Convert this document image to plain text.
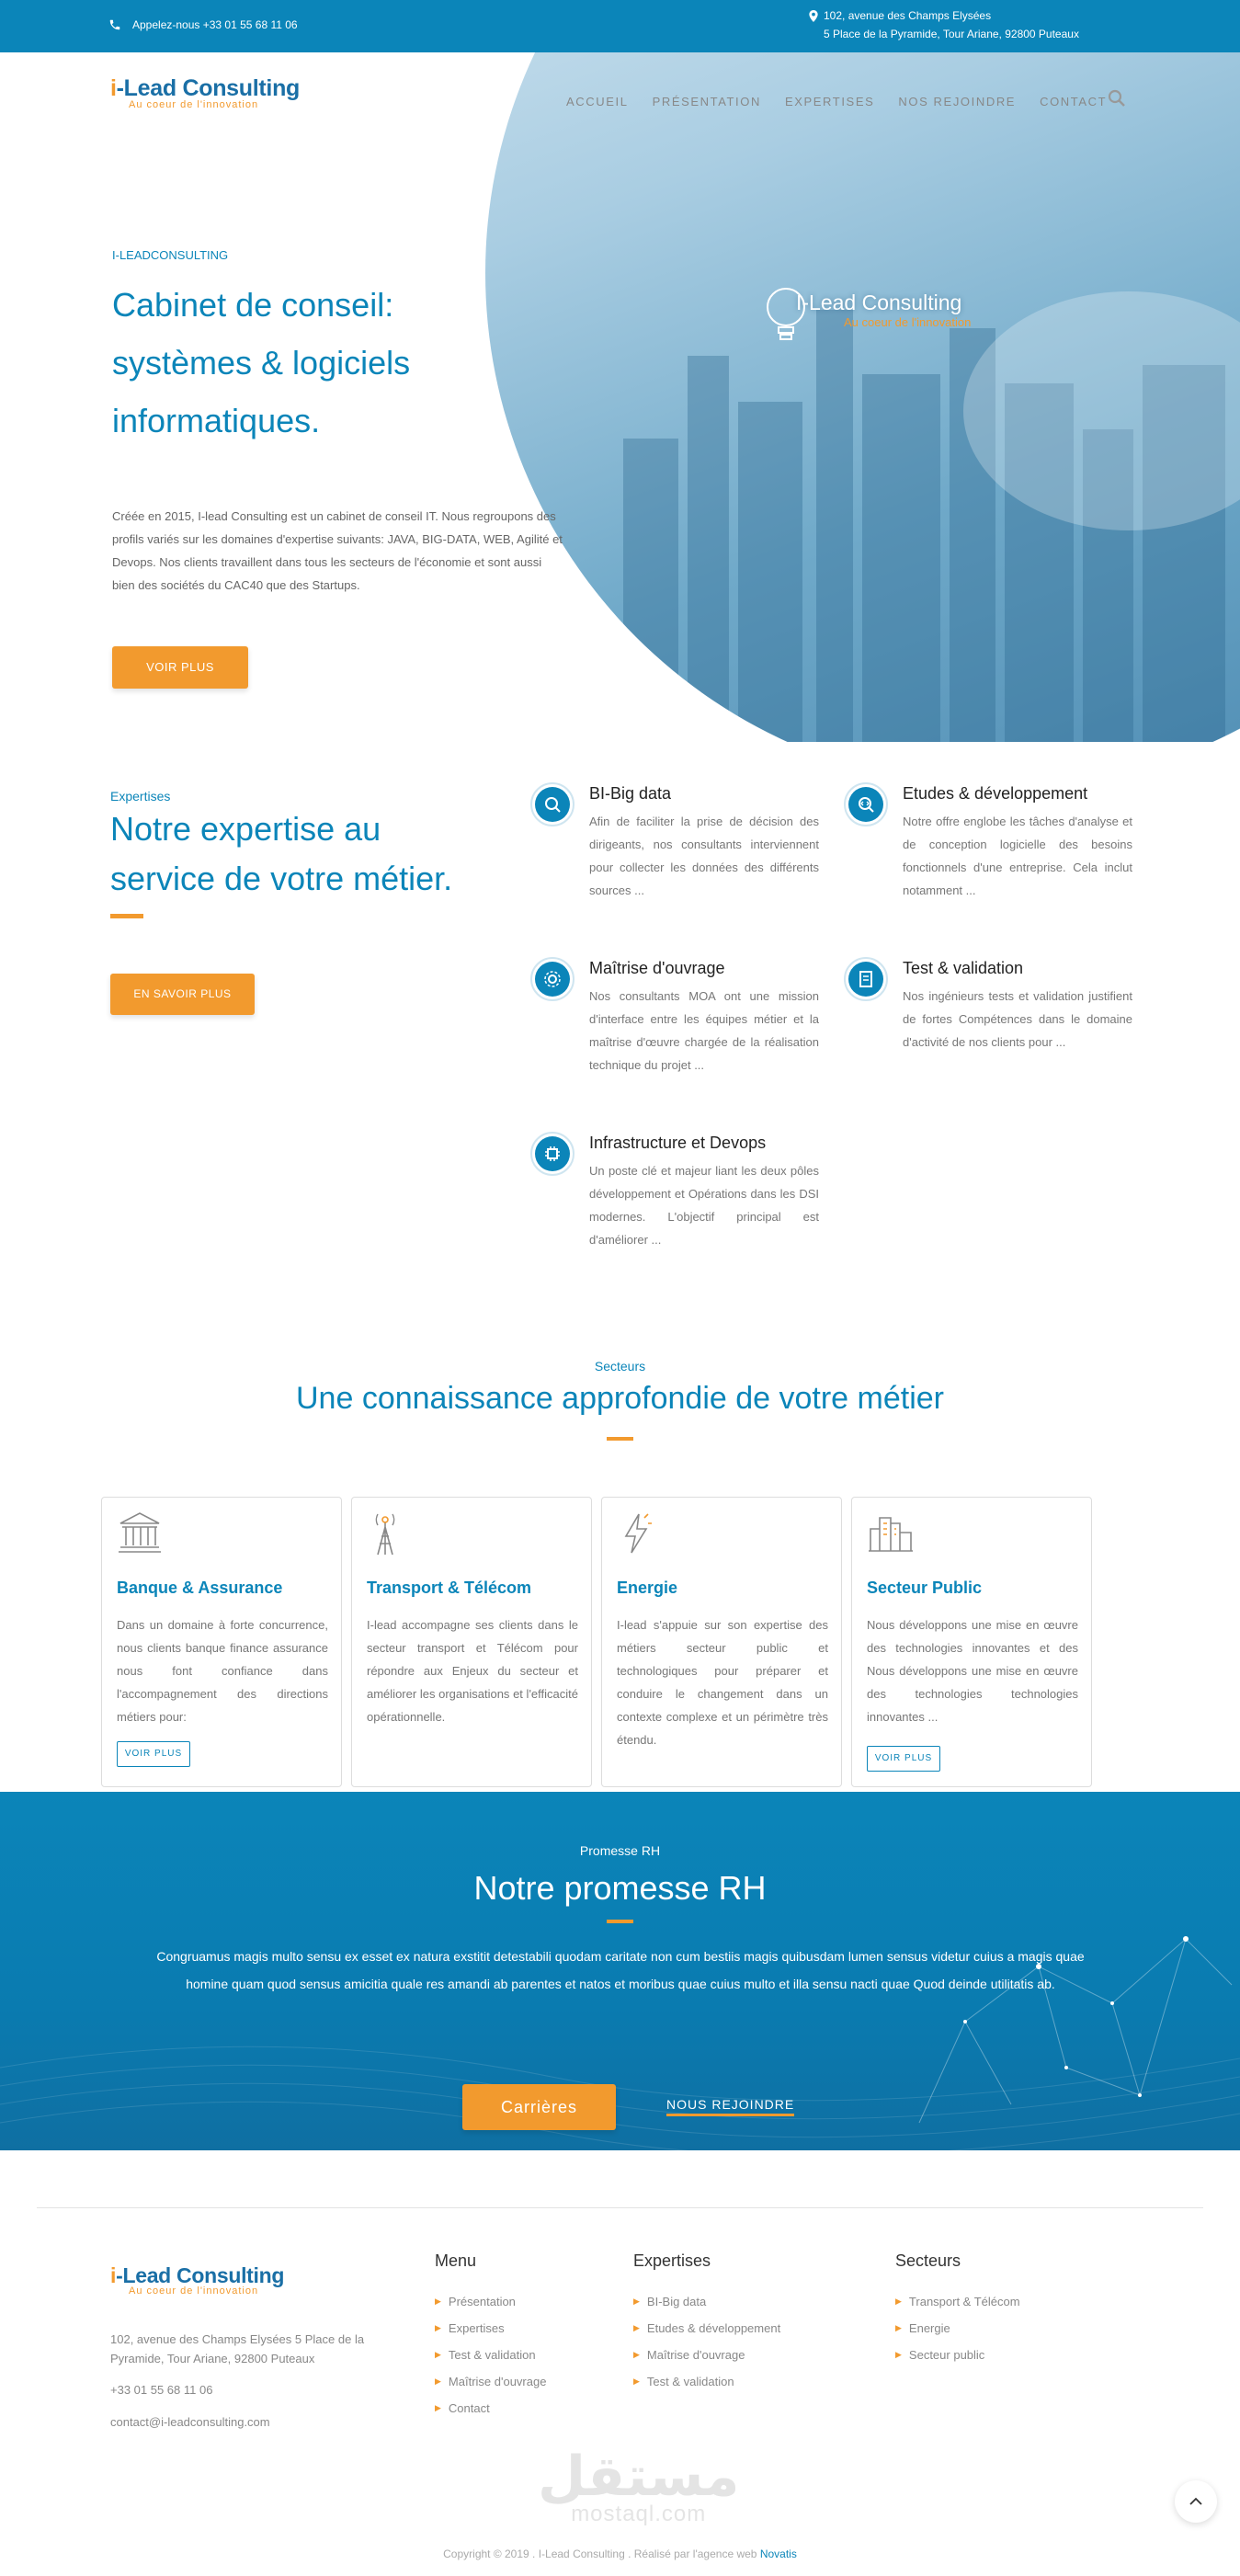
Appelez-nous +33 01 55 68 11 06
102, avenue des Champs Elysées
5 Place de la Pyramide, Tour Ariane, 92800 Puteaux
I-Lead Consulting
Au coeur de l'innovation
i-Lead Consulting
Au coeur de l'innovation	ACCUEIL PRÉSENTATION EXPERTISES NOS REJOINDRE CONTACT
I-LEADCONSULTING
Cabinet de conseil:
systèmes & logiciels
informatiques.

Créée en 2015, I-lead Consulting est un cabinet de conseil IT. Nous regroupons des profils variés sur les domaines d'expertise suivants: JAVA, BIG-DATA, WEB, Agilité et Devops. Nos clients travaillent dans tous les secteurs de l'économie et sont aussi bien des sociétés du CAC40 que des Startups.

VOIR PLUS
Expertises
Notre expertise au
service de votre métier.
EN SAVOIR PLUS
BI-Big data

Afin de faciliter la prise de décision des dirigeants, nos consultants interviennent pour collecter les données des différents sources ...

Etudes & développement

Notre offre englobe les tâches d'analyse et de conception logicielle des besoins fonctionnels d'une entreprise. Cela inclut notamment ...

Maîtrise d'ouvrage

Nos consultants MOA ont une mission d'interface entre les équipes métier et la maîtrise d'œuvre chargée de la réalisation technique du projet ...

Test & validation

Nos ingénieurs tests et validation justifient de fortes Compétences dans le domaine d'activité de nos clients pour ...

Infrastructure et Devops

Un poste clé et majeur liant les deux pôles développement et Opérations dans les DSI modernes. L'objectif principal est d'améliorer ...

Secteurs
Une connaissance approfondie de votre métier
Banque & Assurance

Dans un domaine à forte concurrence, nous clients banque finance assurance nous font confiance dans l'accompagnement des directions métiers pour:

VOIR PLUS
Transport & Télécom

I-lead accompagne ses clients dans le secteur transport et Télécom pour répondre aux Enjeux du secteur et améliorer les organisations et l'efficacité opérationnelle.

Energie

I-lead s'appuie sur son expertise des métiers secteur public et technologiques pour préparer et conduire le changement dans un contexte complexe et un périmètre très étendu.

Secteur Public

Nous développons une mise en œuvre des technologies innovantes et des Nous développons une mise en œuvre des technologies technologies innovantes ...

VOIR PLUS
Promesse RH
Notre promesse RH

Congruamus magis multo sensu ex esset ex natura exstitit detestabili quodam caritate non cum bestiis magis quibusdam lumen sensus videtur cuius a magis quae homine quam quod sensus amicitia quale res amandi ab parentes et natos et moribus quae cuius multo et illa sensu nacti quae Quod deinde utilitatis ab.

Carrières	NOUS REJOINDRE
i-Lead Consulting
Au coeur de l'innovation
102, avenue des Champs Elysées 5 Place de la Pyramide, Tour Ariane, 92800 Puteaux
+33 01 55 68 11 06
contact@i-leadconsulting.com
Menu
▶ Présentation
▶ Expertises
▶ Test & validation
▶ Maîtrise d'ouvrage
▶ Contact
Expertises
▶ BI-Big data
▶ Etudes & développement
▶ Maîtrise d'ouvrage
▶ Test & validation
Secteurs
▶ Transport & Télécom
▶ Energie
▶ Secteur public
مستقل
mostaql.com
Copyright © 2019 . I-Lead Consulting . Réalisé par l'agence web Novatis
